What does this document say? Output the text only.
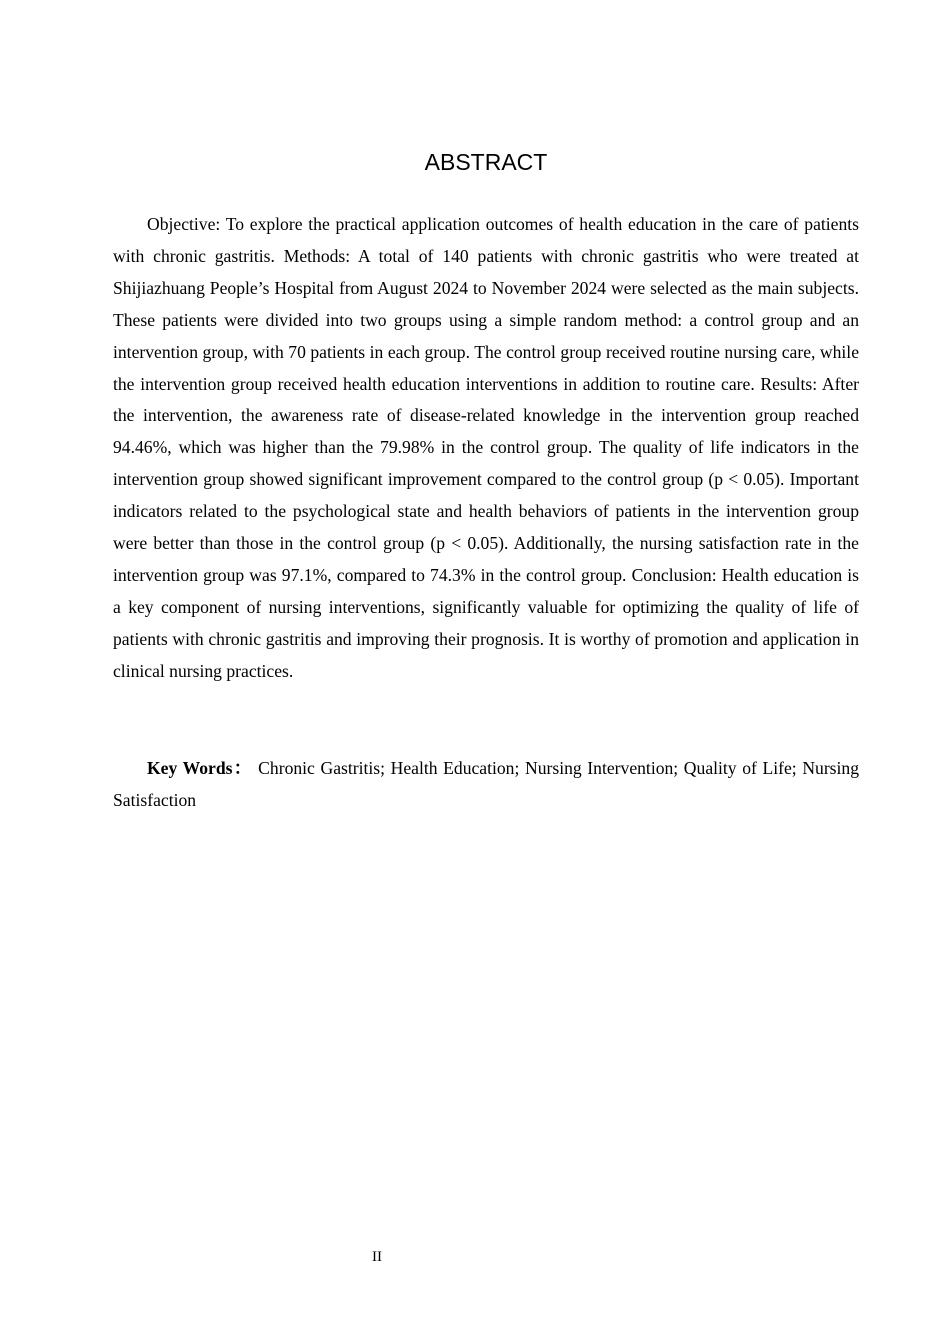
ABSTRACT

Objective: To explore the practical application outcomes of health education in the care of patients with chronic gastritis. Methods: A total of 140 patients with chronic gastritis who were treated at Shijiazhuang People’s Hospital from August 2024 to November 2024 were selected as the main subjects. These patients were divided into two groups using a simple random method: a control group and an intervention group, with 70 patients in each group. The control group received routine nursing care, while the intervention group received health education interventions in addition to routine care. Results: After the intervention, the awareness rate of disease-related knowledge in the intervention group reached 94.46%, which was higher than the 79.98% in the control group. The quality of life indicators in the intervention group showed significant improvement compared to the control group (p < 0.05). Important indicators related to the psychological state and health behaviors of patients in the intervention group were better than those in the control group (p < 0.05). Additionally, the nursing satisfaction rate in the intervention group was 97.1%, compared to 74.3% in the control group. Conclusion: Health education is a key component of nursing interventions, significantly valuable for optimizing the quality of life of patients with chronic gastritis and improving their prognosis. It is worthy of promotion and application in clinical nursing practices.

Key Words： Chronic Gastritis; Health Education; Nursing Intervention; Quality of Life; Nursing Satisfaction

II
